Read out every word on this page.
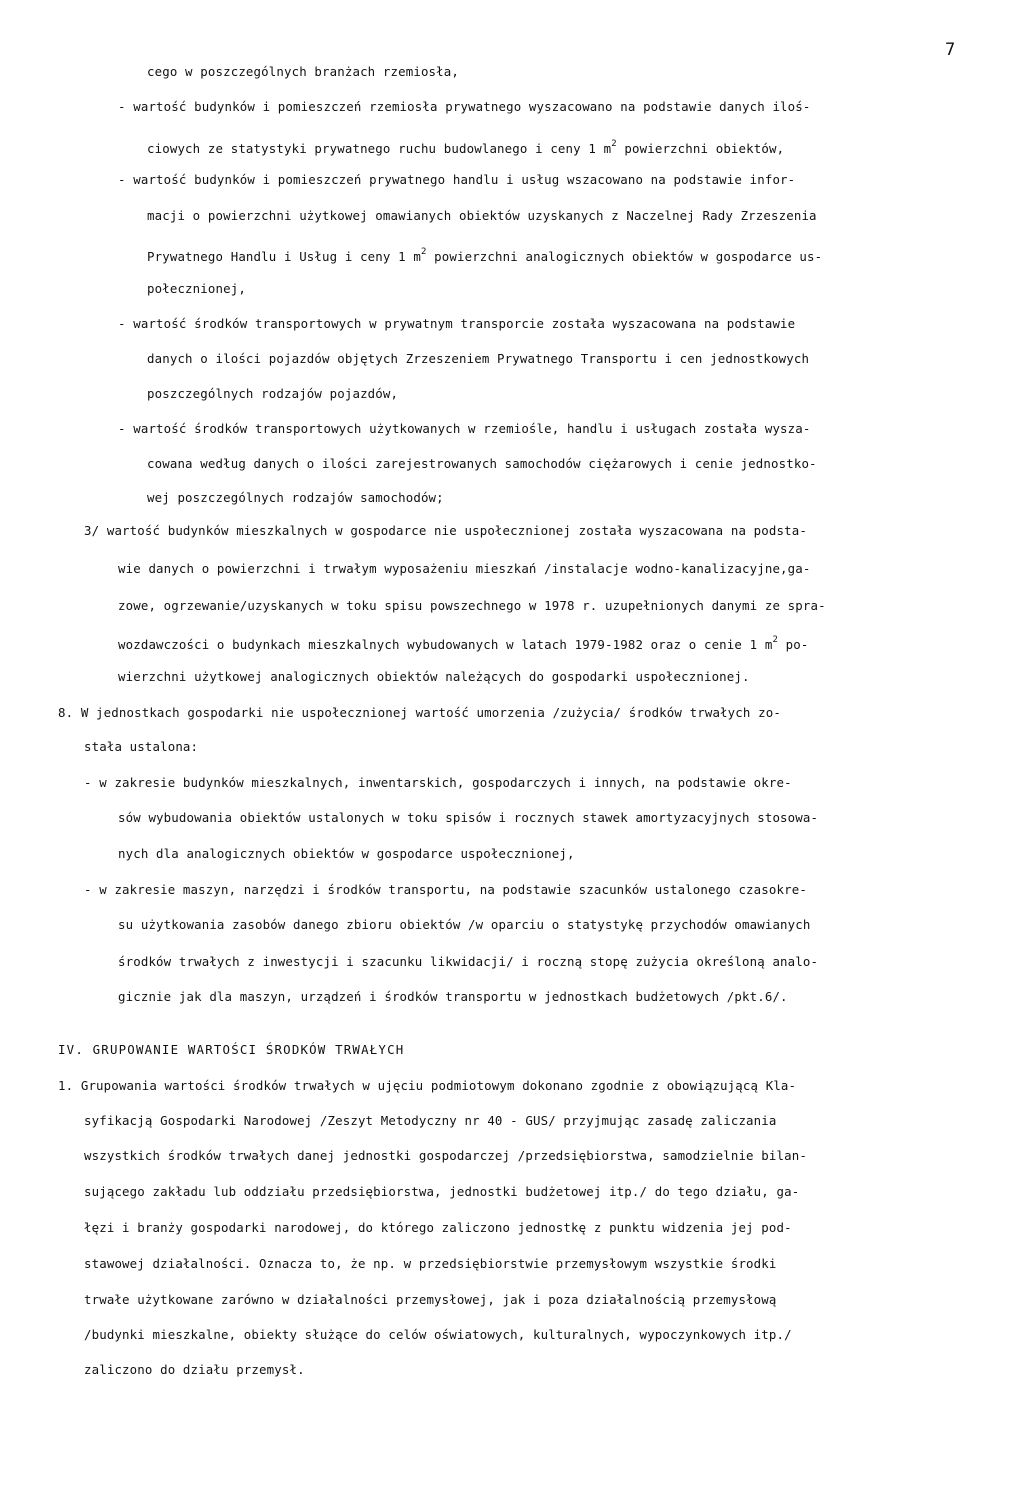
7
cego w poszczególnych branżach rzemiosła,
- wartość budynków i pomieszczeń rzemiosła prywatnego wyszacowano na podstawie danych iloś-
ciowych ze statystyki prywatnego ruchu budowlanego i ceny 1 $m^2$ powierzchni obiektów,
- wartość budynków i pomieszczeń prywatnego handlu i usług wszacowano na podstawie infor-
macji o powierzchni użytkowej omawianych obiektów uzyskanych z Naczelnej Rady Zrzeszenia
Prywatnego Handlu i Usług i ceny 1 $m^2$ powierzchni analogicznych obiektów w gospodarce us-
połecznionej,
- wartość środków transportowych w prywatnym transporcie została wyszacowana na podstawie
danych o ilości pojazdów objętych Zrzeszeniem Prywatnego Transportu i cen jednostkowych
poszczególnych rodzajów pojazdów,
- wartość środków transportowych użytkowanych w rzemiośle, handlu i usługach została wysza-
cowana według danych o ilości zarejestrowanych samochodów ciężarowych i cenie jednostko-
wej poszczególnych rodzajów samochodów;
3/ wartość budynków mieszkalnych w gospodarce nie uspołecznionej została wyszacowana na podsta-
wie danych o powierzchni i trwałym wyposażeniu mieszkań /instalacje wodno-kanalizacyjne,ga-
zowe, ogrzewanie/uzyskanych w toku spisu powszechnego w 1978 r. uzupełnionych danymi ze spra-
wozdawczości o budynkach mieszkalnych wybudowanych w latach 1979-1982 oraz o cenie 1 $m^2$ po-
wierzchni użytkowej analogicznych obiektów należących do gospodarki uspołecznionej.
8. W jednostkach gospodarki nie uspołecznionej wartość umorzenia /zużycia/ środków trwałych zo-
stała ustalona:
- w zakresie budynków mieszkalnych, inwentarskich, gospodarczych i innych, na podstawie okre-
sów wybudowania obiektów ustalonych w toku spisów i rocznych stawek amortyzacyjnych stosowa-
nych dla analogicznych obiektów w gospodarce uspołecznionej,
- w zakresie maszyn, narzędzi i środków transportu, na podstawie szacunków ustalonego czasokre-
su użytkowania zasobów danego zbioru obiektów /w oparciu o statystykę przychodów omawianych
środków trwałych z inwestycji i szacunku likwidacji/ i roczną stopę zużycia określoną analo-
gicznie jak dla maszyn, urządzeń i środków transportu w jednostkach budżetowych /pkt.6/.
IV. GRUPOWANIE WARTOŚCI ŚRODKÓW TRWAŁYCH
1. Grupowania wartości środków trwałych w ujęciu podmiotowym dokonano zgodnie z obowiązującą Kla-
syfikacją Gospodarki Narodowej /Zeszyt Metodyczny nr 40 - GUS/ przyjmując zasadę zaliczania
wszystkich środków trwałych danej jednostki gospodarczej /przedsiębiorstwa, samodzielnie bilan-
sującego zakładu lub oddziału przedsiębiorstwa, jednostki budżetowej itp./ do tego działu, ga-
łęzi i branży gospodarki narodowej, do którego zaliczono jednostkę z punktu widzenia jej pod-
stawowej działalności. Oznacza to, że np. w przedsiębiorstwie przemysłowym wszystkie środki
trwałe użytkowane zarówno w działalności przemysłowej, jak i poza działalnością przemysłową
/budynki mieszkalne, obiekty służące do celów oświatowych, kulturalnych, wypoczynkowych itp./
zaliczono do działu przemysł.
